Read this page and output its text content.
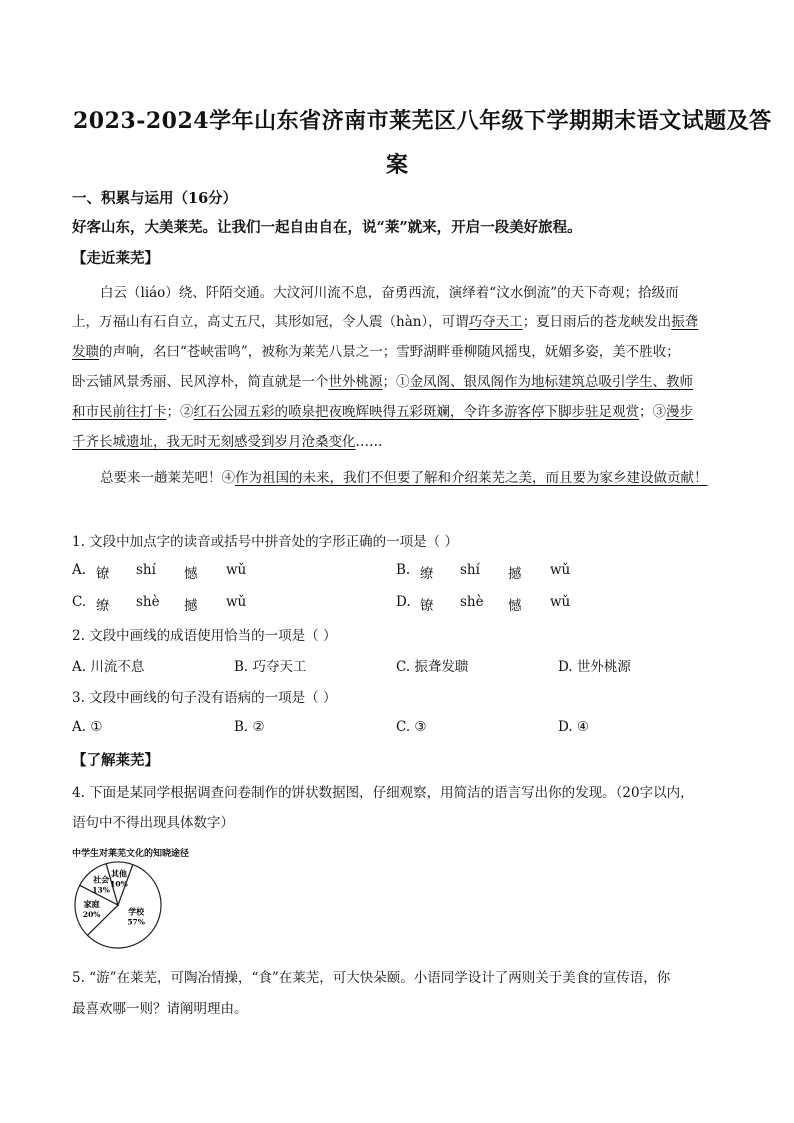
2023-2024学年山东省济南市莱芜区八年级下学期期末语文试题及答
案
一、积累与运用（16分）
好客山东，大美莱芜。让我们一起自由自在，说“莱”就来，开启一段美好旅程。
【走近莱芜】
白云（liáo）绕、阡陌交通。大汶河川流不息，奋勇西流，演绎着“汶水倒流”的天下奇观；拾级而
上，万福山有石自立，高丈五尺，其形如冠，令人震（hàn），可谓巧夺天工；夏日雨后的苍龙峡发出振聋
发聩的声响，名曰“苍峡雷鸣”，被称为莱芜八景之一；雪野湖畔垂柳随风摇曳，妩媚多姿，美不胜收；
卧云铺风景秀丽、民风淳朴，简直就是一个世外桃源；①金凤阁、银凤阁作为地标建筑总吸引学生、教师
和市民前往打卡；②红石公园五彩的喷泉把夜晚辉映得五彩斑斓，令许多游客停下脚步驻足观赏；③漫步
千齐长城遗址，我无时无刻感受到岁月沧桑变化……
总要来一趟莱芜吧！④作为祖国的未来，我们不但要了解和介绍莱芜之美，而且要为家乡建设做贡献！
1. 文段中加点字的读音或括号中拼音处的字形正确的一项是（ ）
A. 镣 shí 憾 wǔ	B. 缭 shí 撼 wǔ
C. 缭 shè 撼 wǔ	D. 镣 shè 憾 wǔ
2. 文段中画线的成语使用恰当的一项是（ ）
A. 川流不息	B. 巧夺天工	C. 振聋发聩	D. 世外桃源
3. 文段中画线的句子没有语病的一项是（ ）
A. ①	B. ②	C. ③	D. ④
【了解莱芜】
4. 下面是某同学根据调查问卷制作的饼状数据图，仔细观察，用简洁的语言写出你的发现。（20字以内，
语句中不得出现具体数字）
中学生对莱芜文化的知晓途径
学校
57%
家庭
20%
社会
13%
其他
10%
5. “游”在莱芜，可陶冶情操，“食”在莱芜，可大快朵颐。小语同学设计了两则关于美食的宣传语，你
最喜欢哪一则？请阐明理由。
